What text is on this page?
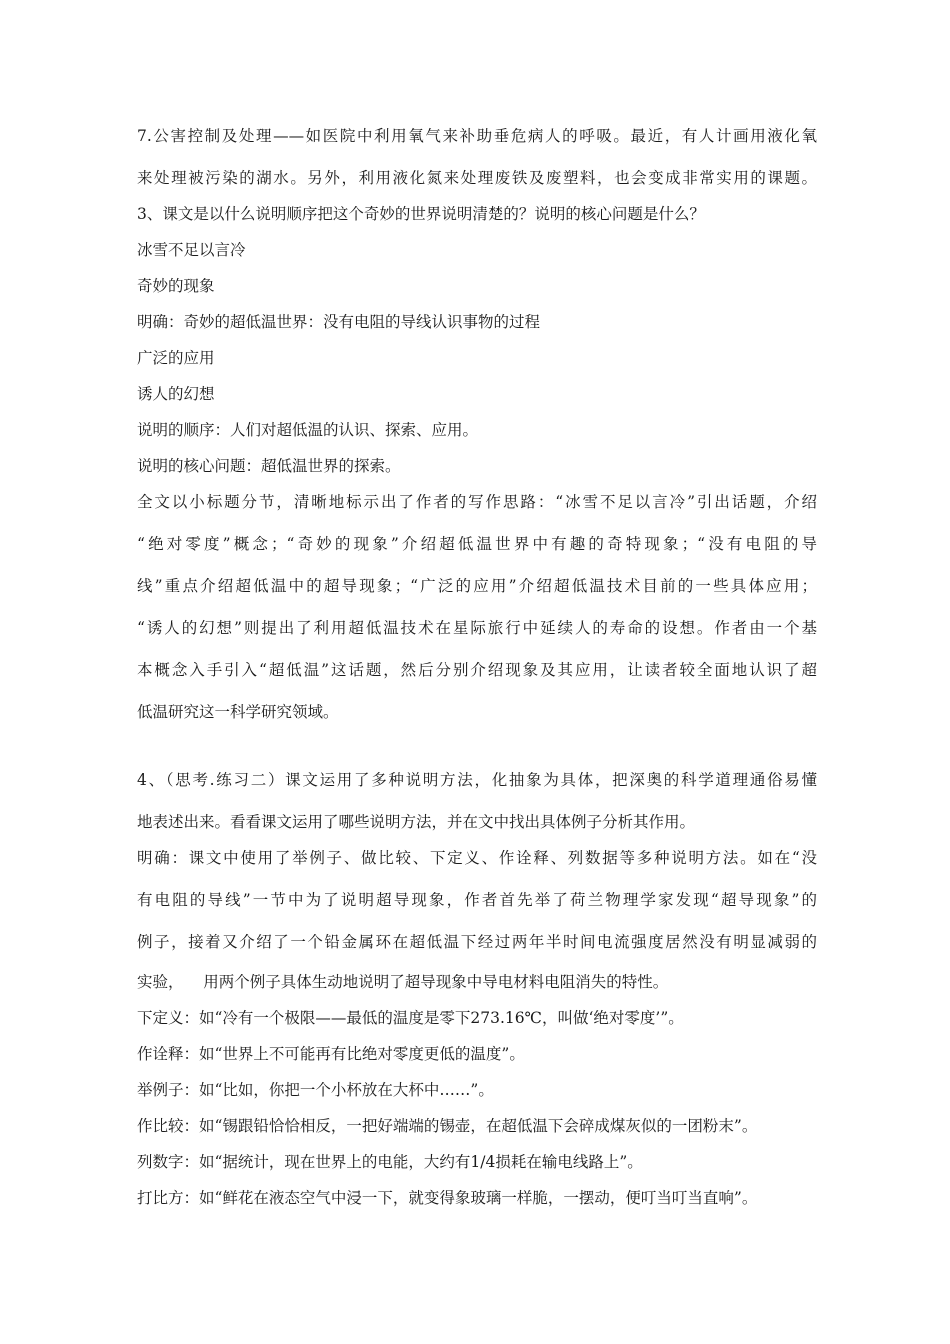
7.公害控制及处理——如医院中利用氧气来补助垂危病人的呼吸。最近，有人计画用液化氧
来处理被污染的湖水。另外，利用液化氮来处理废铁及废塑料，也会变成非常实用的课题。
3、课文是以什么说明顺序把这个奇妙的世界说明清楚的？说明的核心问题是什么？
冰雪不足以言冷
奇妙的现象
明确：奇妙的超低温世界：没有电阻的导线认识事物的过程
广泛的应用
诱人的幻想
说明的顺序：人们对超低温的认识、探索、应用。
说明的核心问题：超低温世界的探索。
全文以小标题分节，清晰地标示出了作者的写作思路：“冰雪不足以言冷”引出话题，介绍
“绝对零度”概念；“奇妙的现象”介绍超低温世界中有趣的奇特现象；“没有电阻的导
线”重点介绍超低温中的超导现象；“广泛的应用”介绍超低温技术目前的一些具体应用；
“诱人的幻想”则提出了利用超低温技术在星际旅行中延续人的寿命的设想。作者由一个基
本概念入手引入“超低温”这话题，然后分别介绍现象及其应用，让读者较全面地认识了超
低温研究这一科学研究领域。
4、（思考.练习二）课文运用了多种说明方法，化抽象为具体，把深奥的科学道理通俗易懂
地表述出来。看看课文运用了哪些说明方法，并在文中找出具体例子分析其作用。
明确：课文中使用了举例子、做比较、下定义、作诠释、列数据等多种说明方法。如在“没
有电阻的导线”一节中为了说明超导现象，作者首先举了荷兰物理学家发现“超导现象”的
例子，接着又介绍了一个铅金属环在超低温下经过两年半时间电流强度居然没有明显减弱的
实验，    用两个例子具体生动地说明了超导现象中导电材料电阻消失的特性。
下定义：如“冷有一个极限——最低的温度是零下273.16℃，叫做‘绝对零度’”。
作诠释：如“世界上不可能再有比绝对零度更低的温度”。
举例子：如“比如，你把一个小杯放在大杯中……”。
作比较：如“锡跟铅恰恰相反，一把好端端的锡壶，在超低温下会碎成煤灰似的一团粉末”。
列数字：如“据统计，现在世界上的电能，大约有1/4损耗在输电线路上”。
打比方：如“鲜花在液态空气中浸一下，就变得象玻璃一样脆，一摆动，便叮当叮当直响”。
